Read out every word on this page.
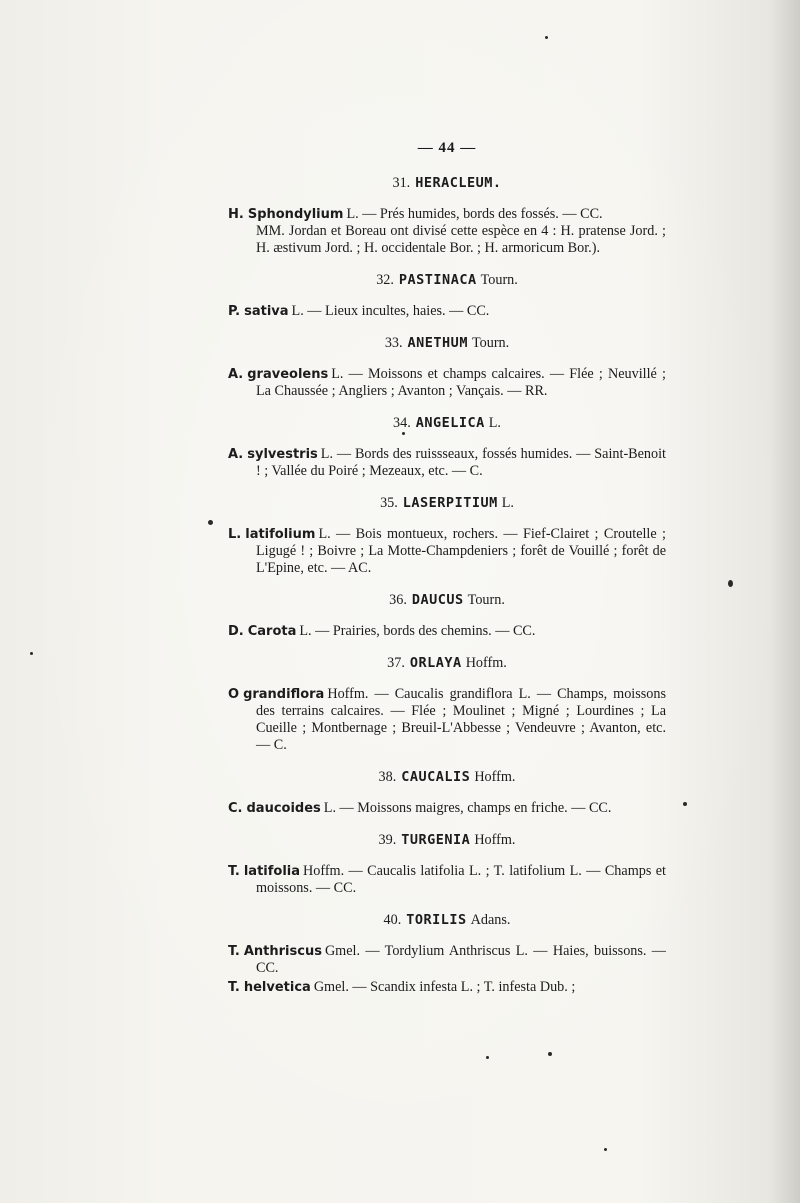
— 44 —
31. HERACLEUM.
H. Sphondylium L. — Prés humides, bords des fossés. — CC.
MM. Jordan et Boreau ont divisé cette espèce en 4 : H. pratense Jord. ; H. æstivum Jord. ; H. occidentale Bor. ; H. armoricum Bor.).
32. PASTINACA Tourn.
P. sativa L. — Lieux incultes, haies. — CC.
33. ANETHUM Tourn.
A. graveolens L. — Moissons et champs calcaires. — Flée ; Neuvillé ; La Chaussée ; Angliers ; Avanton ; Vançais. — RR.
34. ANGELICA L.
A. sylvestris L. — Bords des ruissseaux, fossés humides. — Saint-Benoit ! ; Vallée du Poiré ; Mezeaux, etc. — C.
35. LASERPITIUM L.
L. latifolium L. — Bois montueux, rochers. — Fief-Clairet ; Croutelle ; Ligugé ! ; Boivre ; La Motte-Champdeniers ; forêt de Vouillé ; forêt de L'Epine, etc. — AC.
36. DAUCUS Tourn.
D. Carota L. — Prairies, bords des chemins. — CC.
37. ORLAYA Hoffm.
O grandiflora Hoffm. — Caucalis grandiflora L. — Champs, moissons des terrains calcaires. — Flée ; Moulinet ; Migné ; Lourdines ; La Cueille ; Montbernage ; Breuil-L'Abbesse ; Vendeuvre ; Avanton, etc. — C.
38. CAUCALIS Hoffm.
C. daucoides L. — Moissons maigres, champs en friche. — CC.
39. TURGENIA Hoffm.
T. latifolia Hoffm. — Caucalis latifolia L. ; T. latifolium L. — Champs et moissons. — CC.
40. TORILIS Adans.
T. Anthriscus Gmel. — Tordylium Anthriscus L. — Haies, buissons. — CC.
T. helvetica Gmel. — Scandix infesta L. ; T. infesta Dub. ;
